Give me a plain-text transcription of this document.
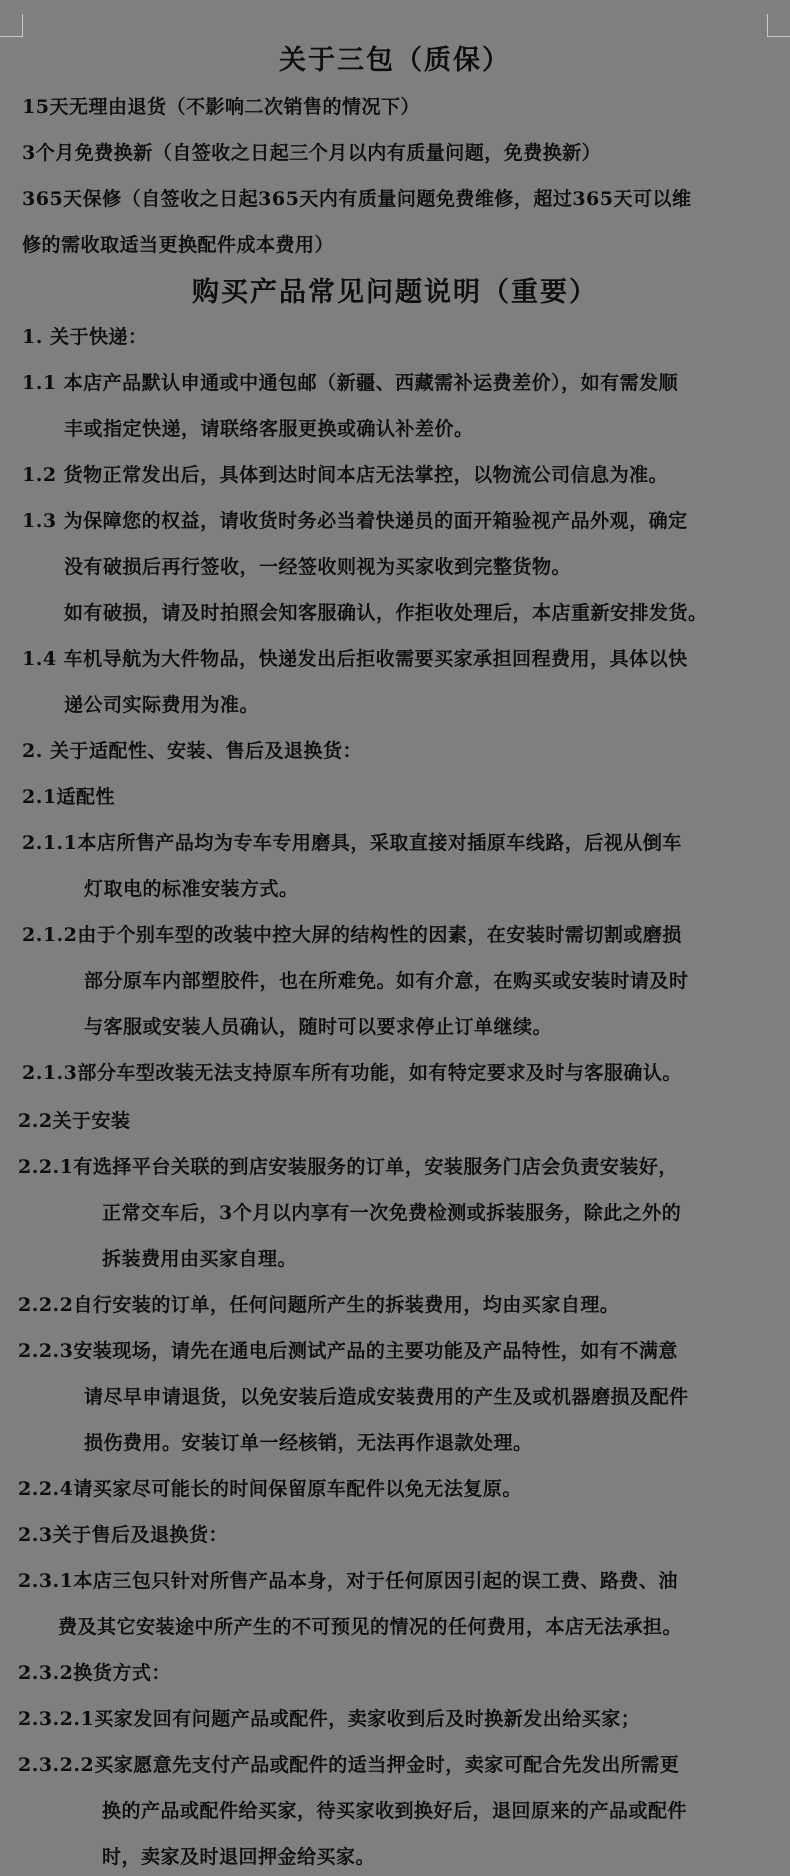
关于三包（质保）
15天无理由退货（不影响二次销售的情况下）
3个月免费换新（自签收之日起三个月以内有质量问题，免费换新）
365天保修（自签收之日起365天内有质量问题免费维修，超过365天可以维
修的需收取适当更换配件成本费用）
购买产品常见问题说明（重要）
1. 关于快递：
1.1 本店产品默认申通或中通包邮（新疆、西藏需补运费差价），如有需发顺
丰或指定快递，请联络客服更换或确认补差价。
1.2 货物正常发出后，具体到达时间本店无法掌控，以物流公司信息为准。
1.3 为保障您的权益，请收货时务必当着快递员的面开箱验视产品外观，确定
没有破损后再行签收，一经签收则视为买家收到完整货物。
如有破损，请及时拍照会知客服确认，作拒收处理后，本店重新安排发货。
1.4 车机导航为大件物品，快递发出后拒收需要买家承担回程费用，具体以快
递公司实际费用为准。
2. 关于适配性、安装、售后及退换货：
2.1适配性
2.1.1本店所售产品均为专车专用磨具，采取直接对插原车线路，后视从倒车
灯取电的标准安装方式。
2.1.2由于个别车型的改装中控大屏的结构性的因素，在安装时需切割或磨损
部分原车内部塑胶件，也在所难免。如有介意，在购买或安装时请及时
与客服或安装人员确认，随时可以要求停止订单继续。
2.1.3部分车型改装无法支持原车所有功能，如有特定要求及时与客服确认。
2.2关于安装
2.2.1有选择平台关联的到店安装服务的订单，安装服务门店会负责安装好，
正常交车后，3个月以内享有一次免费检测或拆装服务，除此之外的
拆装费用由买家自理。
2.2.2自行安装的订单，任何问题所产生的拆装费用，均由买家自理。
2.2.3安装现场，请先在通电后测试产品的主要功能及产品特性，如有不满意
请尽早申请退货，以免安装后造成安装费用的产生及或机器磨损及配件
损伤费用。安装订单一经核销，无法再作退款处理。
2.2.4请买家尽可能长的时间保留原车配件以免无法复原。
2.3关于售后及退换货：
2.3.1本店三包只针对所售产品本身，对于任何原因引起的误工费、路费、油
费及其它安装途中所产生的不可预见的情况的任何费用，本店无法承担。
2.3.2换货方式：
2.3.2.1买家发回有问题产品或配件，卖家收到后及时换新发出给买家；
2.3.2.2买家愿意先支付产品或配件的适当押金时，卖家可配合先发出所需更
换的产品或配件给买家，待买家收到换好后，退回原来的产品或配件
时，卖家及时退回押金给买家。
